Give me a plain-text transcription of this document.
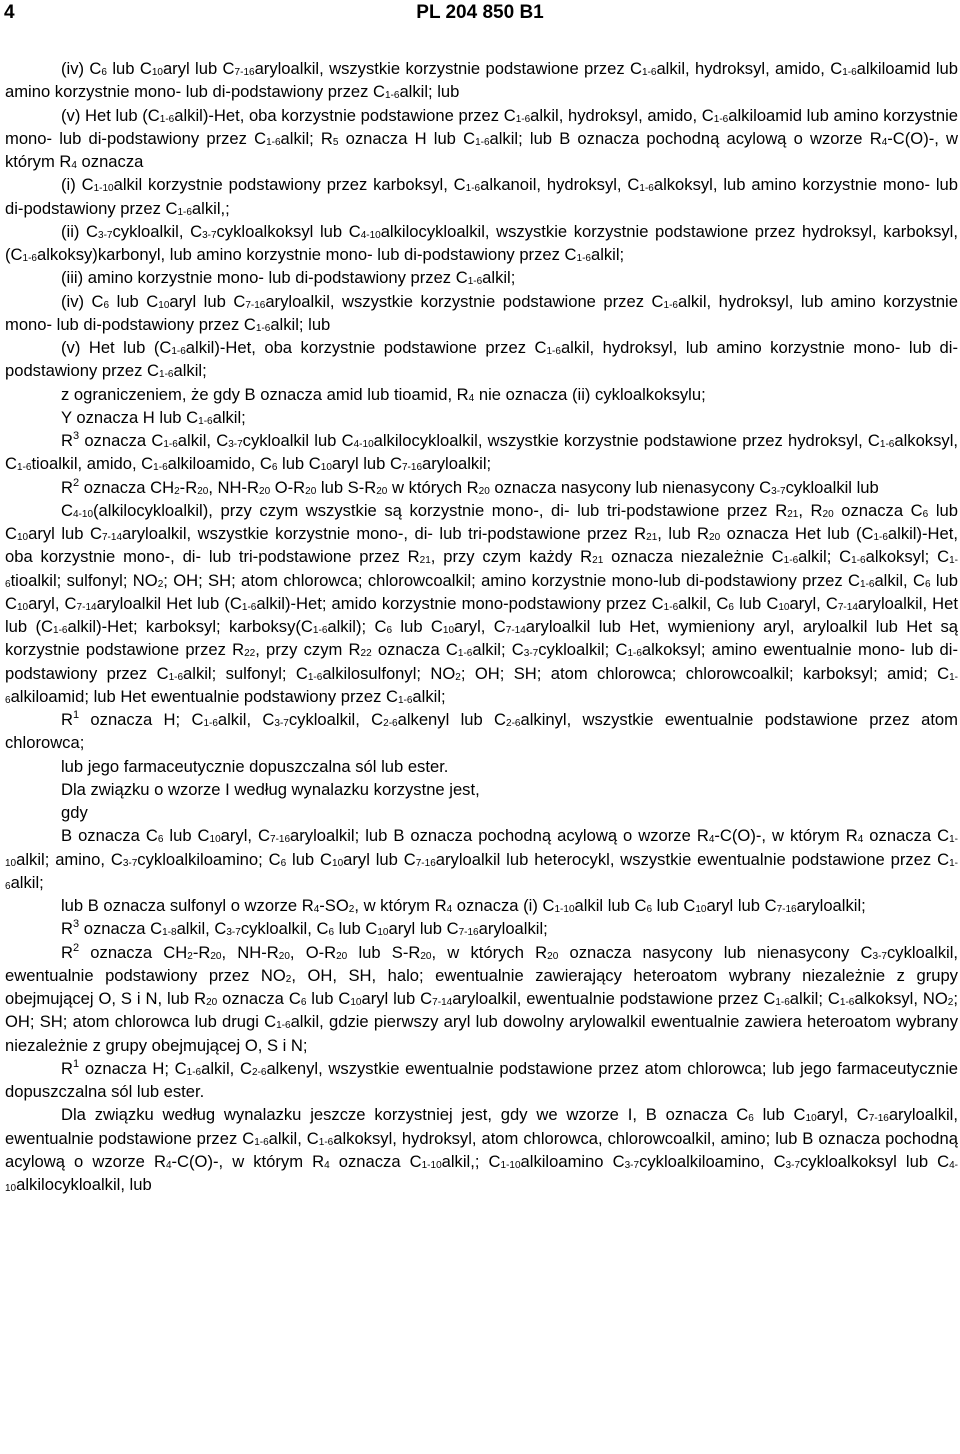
4	PL 204 850 B1

(iv) $C_6$ lub $C_{10}aryl$ lub $C_{7-16}aryloalkil$, wszystkie korzystnie podstawione przez $C_{1-6}alkil$, hydroksyl, amido, $C_{1-6}alkiloamid$ lub amino korzystnie mono- lub di-podstawiony przez $C_{1-6}alkil$; lub

(v) Het lub $(C_{1-6}alkil)$-Het, oba korzystnie podstawione przez $C_{1-6}alkil$, hydroksyl, amido, $C_{1-6}alkiloamid$ lub amino korzystnie mono- lub di-podstawiony przez $C_{1-6}alkil$; $R_5$ oznacza H lub $C_{1-6}alkil$; lub B oznacza pochodną acylową o wzorze $R_4-C(O)-$, w którym $R_4$ oznacza

(i) $C_{1-10}alkil$ korzystnie podstawiony przez karboksyl, $C_{1-6}alkanoil$, hydroksyl, $C_{1-6}alkoksyl$, lub amino korzystnie mono- lub di-podstawiony przez $C_{1-6}alkil$,;

(ii) $C_{3-7}cykloalkil$, $C_{3-7}cykloalkoksyl$ lub $C_{4-10}alkilocykloalkil$, wszystkie korzystnie podstawione przez hydroksyl, karboksyl, $(C_{1-6}alkoksy)karbonyl$, lub amino korzystnie mono- lub di-podstawiony przez $C_{1-6}alkil$;

(iii) amino korzystnie mono- lub di-podstawiony przez $C_{1-6}alkil$;

(iv) $C_6$ lub $C_{10}aryl$ lub $C_{7-16}aryloalkil$, wszystkie korzystnie podstawione przez $C_{1-6}alkil$, hydroksyl, lub amino korzystnie mono- lub di-podstawiony przez $C_{1-6}alkil$; lub

(v) Het lub $(C_{1-6}alkil)$-Het, oba korzystnie podstawione przez $C_{1-6}alkil$, hydroksyl, lub amino korzystnie mono- lub di-podstawiony przez $C_{1-6}alkil$;

z ograniczeniem, że gdy B oznacza amid lub tioamid, $R_4$ nie oznacza (ii) cykloalkoksylu;

Y oznacza H lub $C_{1-6}alkil$;

$R^3$ oznacza $C_{1-6}alkil$, $C_{3-7}cykloalkil$ lub $C_{4-10}alkilocykloalkil$, wszystkie korzystnie podstawione przez hydroksyl, $C_{1-6}alkoksyl$, $C_{1-6}tioalkil$, amido, $C_{1-6}alkiloamido$, $C_6$ lub $C_{10}aryl$ lub $C_{7-16}aryloalkil$;

$R^2$ oznacza $CH_2-R_{20}$, $NH-R_{20}$ $O-R_{20}$ lub $S-R_{20}$ w których $R_{20}$ oznacza nasycony lub nienasycony $C_{3-7}cykloalkil$ lub

$C_{4-10}(alkilocykloalkil)$, przy czym wszystkie są korzystnie mono-, di- lub tri-podstawione przez $R_{21}$, $R_{20}$ oznacza $C_6$ lub $C_{10}aryl$ lub $C_{7-14}aryloalkil$, wszystkie korzystnie mono-, di- lub tri-podstawione przez $R_{21}$, lub $R_{20}$ oznacza Het lub $(C_{1-6}alkil)$-Het, oba korzystnie mono-, di- lub tri-podstawione przez $R_{21}$, przy czym każdy $R_{21}$ oznacza niezależnie $C_{1-6}alkil$; $C_{1-6}alkoksyl$; $C_{1-6}tioalkil$; sulfonyl; $NO_2$; OH; SH; atom chlorowca; chlorowcoalkil; amino korzystnie mono-lub di-podstawiony przez $C_{1-6}alkil$, $C_6$ lub $C_{10}aryl$, $C_{7-14}aryloalkil$ Het lub $(C_{1-6}alkil)$-Het; amido korzystnie mono-podstawiony przez $C_{1-6}alkil$, $C_6$ lub $C_{10}aryl$, $C_{7-14}aryloalkil$, Het lub $(C_{1-6}alkil)$-Het; karboksyl; $karboksy(C_{1-6}alkil)$; $C_6$ lub $C_{10}aryl$, $C_{7-14}aryloalkil$ lub Het, wymieniony aryl, aryloalkil lub Het są korzystnie podstawione przez $R_{22}$, przy czym $R_{22}$ oznacza $C_{1-6}alkil$; $C_{3-7}cykloalkil$; $C_{1-6}alkoksyl$; amino ewentualnie mono- lub di-podstawiony przez $C_{1-6}alkil$; sulfonyl; $C_{1-6}alkilosulfonyl$; $NO_2$; OH; SH; atom chlorowca; chlorowcoalkil; karboksyl; amid; $C_{1-6}alkiloamid$; lub Het ewentualnie podstawiony przez $C_{1-6}alkil$;

$R^1$ oznacza H; $C_{1-6}alkil$, $C_{3-7}cykloalkil$, $C_{2-6}alkenyl$ lub $C_{2-6}alkinyl$, wszystkie ewentualnie podstawione przez atom chlorowca;

lub jego farmaceutycznie dopuszczalna sól lub ester.

Dla związku o wzorze I według wynalazku korzystne jest,

gdy

B oznacza $C_6$ lub $C_{10}aryl$, $C_{7-16}aryloalkil$; lub B oznacza pochodną acylową o wzorze $R_4-C(O)-$, w którym $R_4$ oznacza $C_{1-10}alkil$; amino, $C_{3-7}cykloalkiloamino$; $C_6$ lub $C_{10}aryl$ lub $C_{7-16}aryloalkil$ lub heterocykl, wszystkie ewentualnie podstawione przez $C_{1-6}alkil$;

lub B oznacza sulfonyl o wzorze $R_4-SO_2$, w którym $R_4$ oznacza (i) $C_{1-10}alkil$ lub $C_6$ lub $C_{10}aryl$ lub $C_{7-16}aryloalkil$;

$R^3$ oznacza $C_{1-8}alkil$, $C_{3-7}cykloalkil$, $C_6$ lub $C_{10}aryl$ lub $C_{7-16}aryloalkil$;

$R^2$ oznacza $CH_2-R_{20}$, $NH-R_{20}$, $O-R_{20}$ lub $S-R_{20}$, w których $R_{20}$ oznacza nasycony lub nienasycony $C_{3-7}cykloalkil$, ewentualnie podstawiony przez $NO_2$, OH, SH, halo; ewentualnie zawierający heteroatom wybrany niezależnie z grupy obejmującej O, S i N, lub $R_{20}$ oznacza $C_6$ lub $C_{10}aryl$ lub $C_{7-14}aryloalkil$, ewentualnie podstawione przez $C_{1-6}alkil$; $C_{1-6}alkoksyl$, $NO_2$; OH; SH; atom chlorowca lub drugi $C_{1-6}alkil$, gdzie pierwszy aryl lub dowolny arylowalkil ewentualnie zawiera heteroatom wybrany niezależnie z grupy obejmującej O, S i N;

$R^1$ oznacza H; $C_{1-6}alkil$, $C_{2-6}alkenyl$, wszystkie ewentualnie podstawione przez atom chlorowca; lub jego farmaceutycznie dopuszczalna sól lub ester.

Dla związku według wynalazku jeszcze korzystniej jest, gdy we wzorze I, B oznacza $C_6$ lub $C_{10}aryl$, $C_{7-16}aryloalkil$, ewentualnie podstawione przez $C_{1-6}alkil$, $C_{1-6}alkoksyl$, hydroksyl, atom chlorowca, chlorowcoalkil, amino; lub B oznacza pochodną acylową o wzorze $R_4-C(O)-$, w którym $R_4$ oznacza $C_{1-10}alkil$,; $C_{1-10}alkiloamino$ $C_{3-7}cykloalkiloamino$, $C_{3-7}cykloalkoksyl$ lub $C_{4-10}alkilocykloalkil$, lub
